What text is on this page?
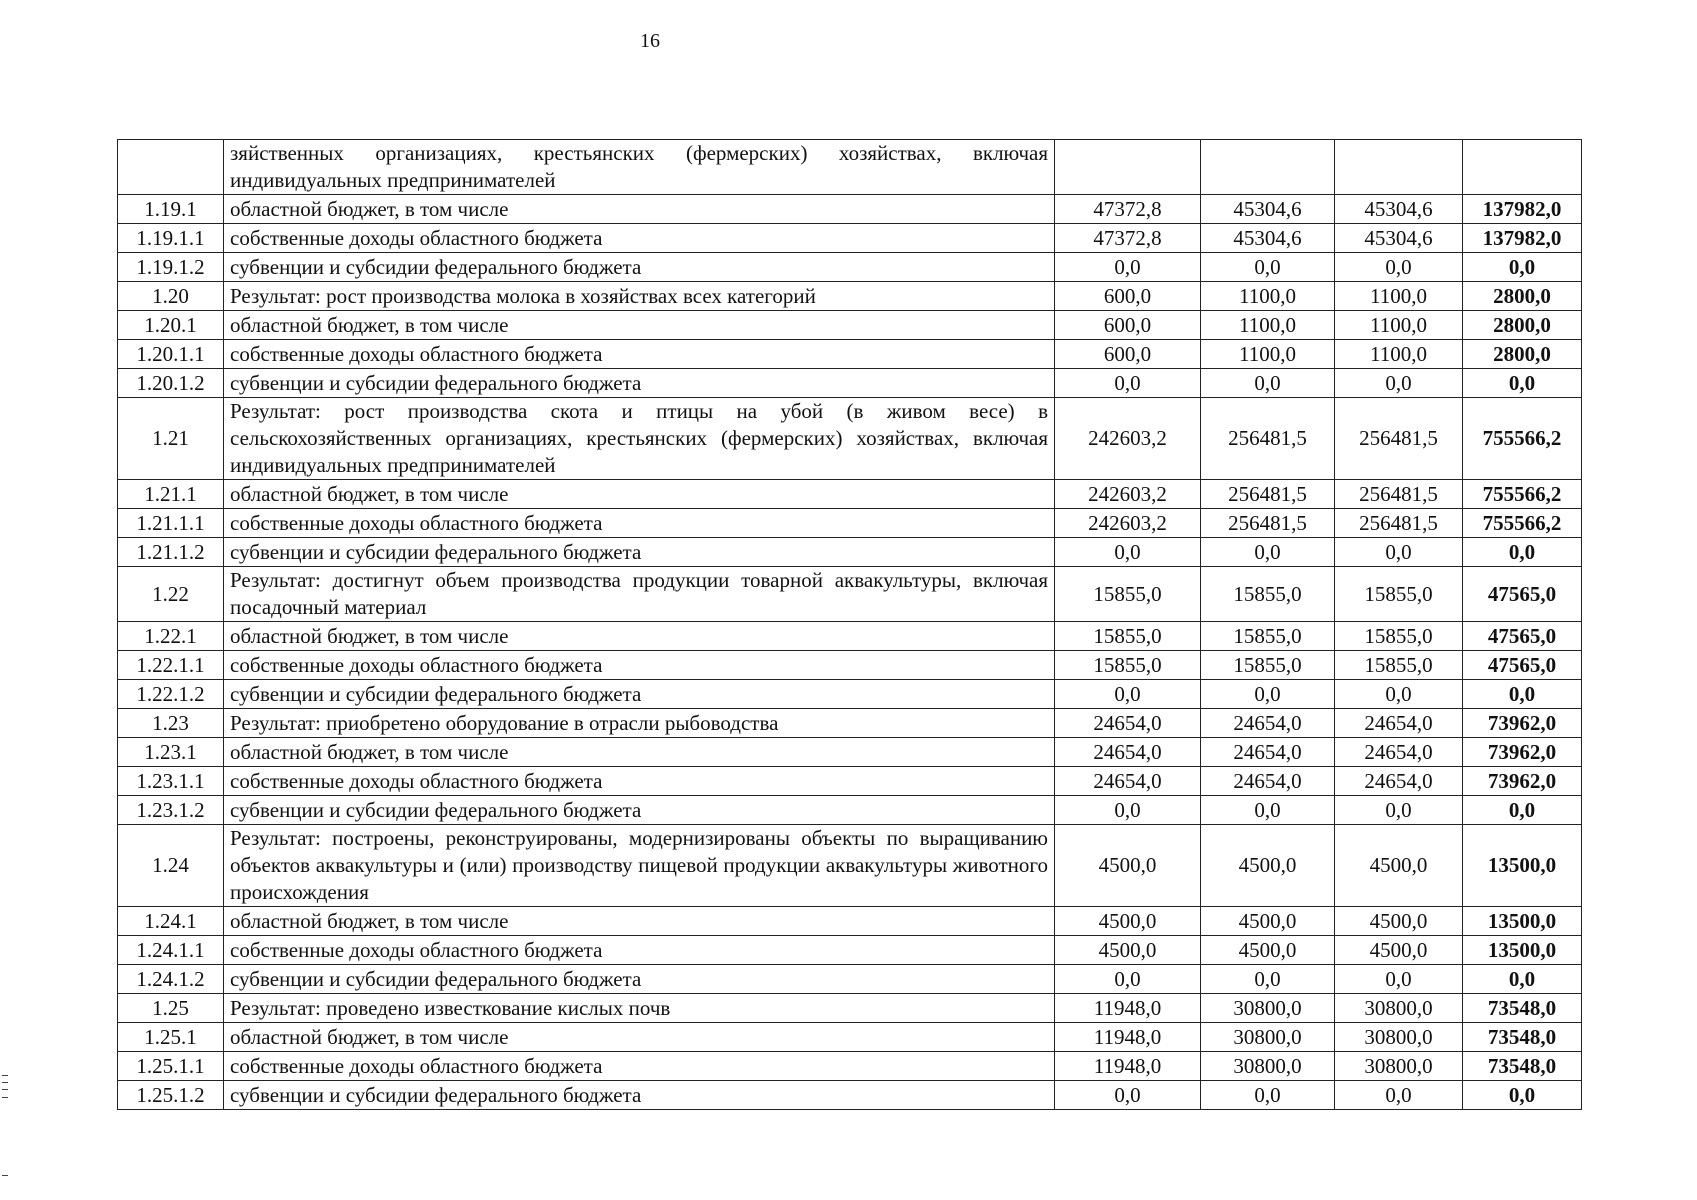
16
	зяйственных организациях, крестьянских (фермерских) хозяйствах, включая индивидуальных предпринимателей				
1.19.1	областной бюджет, в том числе	47372,8	45304,6	45304,6	137982,0
1.19.1.1	собственные доходы областного бюджета	47372,8	45304,6	45304,6	137982,0
1.19.1.2	субвенции и субсидии федерального бюджета	0,0	0,0	0,0	0,0
1.20	Результат: рост производства молока в хозяйствах всех категорий	600,0	1100,0	1100,0	2800,0
1.20.1	областной бюджет, в том числе	600,0	1100,0	1100,0	2800,0
1.20.1.1	собственные доходы областного бюджета	600,0	1100,0	1100,0	2800,0
1.20.1.2	субвенции и субсидии федерального бюджета	0,0	0,0	0,0	0,0
1.21	Результат: рост производства скота и птицы на убой (в живом весе) в сельскохозяйственных организациях, крестьянских (фермерских) хозяйствах, включая индивидуальных предпринимателей	242603,2	256481,5	256481,5	755566,2
1.21.1	областной бюджет, в том числе	242603,2	256481,5	256481,5	755566,2
1.21.1.1	собственные доходы областного бюджета	242603,2	256481,5	256481,5	755566,2
1.21.1.2	субвенции и субсидии федерального бюджета	0,0	0,0	0,0	0,0
1.22	Результат: достигнут объем производства продукции товарной аквакультуры, включая посадочный материал	15855,0	15855,0	15855,0	47565,0
1.22.1	областной бюджет, в том числе	15855,0	15855,0	15855,0	47565,0
1.22.1.1	собственные доходы областного бюджета	15855,0	15855,0	15855,0	47565,0
1.22.1.2	субвенции и субсидии федерального бюджета	0,0	0,0	0,0	0,0
1.23	Результат: приобретено оборудование в отрасли рыбоводства	24654,0	24654,0	24654,0	73962,0
1.23.1	областной бюджет, в том числе	24654,0	24654,0	24654,0	73962,0
1.23.1.1	собственные доходы областного бюджета	24654,0	24654,0	24654,0	73962,0
1.23.1.2	субвенции и субсидии федерального бюджета	0,0	0,0	0,0	0,0
1.24	Результат: построены, реконструированы, модернизированы объекты по выращиванию объектов аквакультуры и (или) производству пищевой продукции аквакультуры животного происхождения	4500,0	4500,0	4500,0	13500,0
1.24.1	областной бюджет, в том числе	4500,0	4500,0	4500,0	13500,0
1.24.1.1	собственные доходы областного бюджета	4500,0	4500,0	4500,0	13500,0
1.24.1.2	субвенции и субсидии федерального бюджета	0,0	0,0	0,0	0,0
1.25	Результат: проведено известкование кислых почв	11948,0	30800,0	30800,0	73548,0
1.25.1	областной бюджет, в том числе	11948,0	30800,0	30800,0	73548,0
1.25.1.1	собственные доходы областного бюджета	11948,0	30800,0	30800,0	73548,0
1.25.1.2	субвенции и субсидии федерального бюджета	0,0	0,0	0,0	0,0
